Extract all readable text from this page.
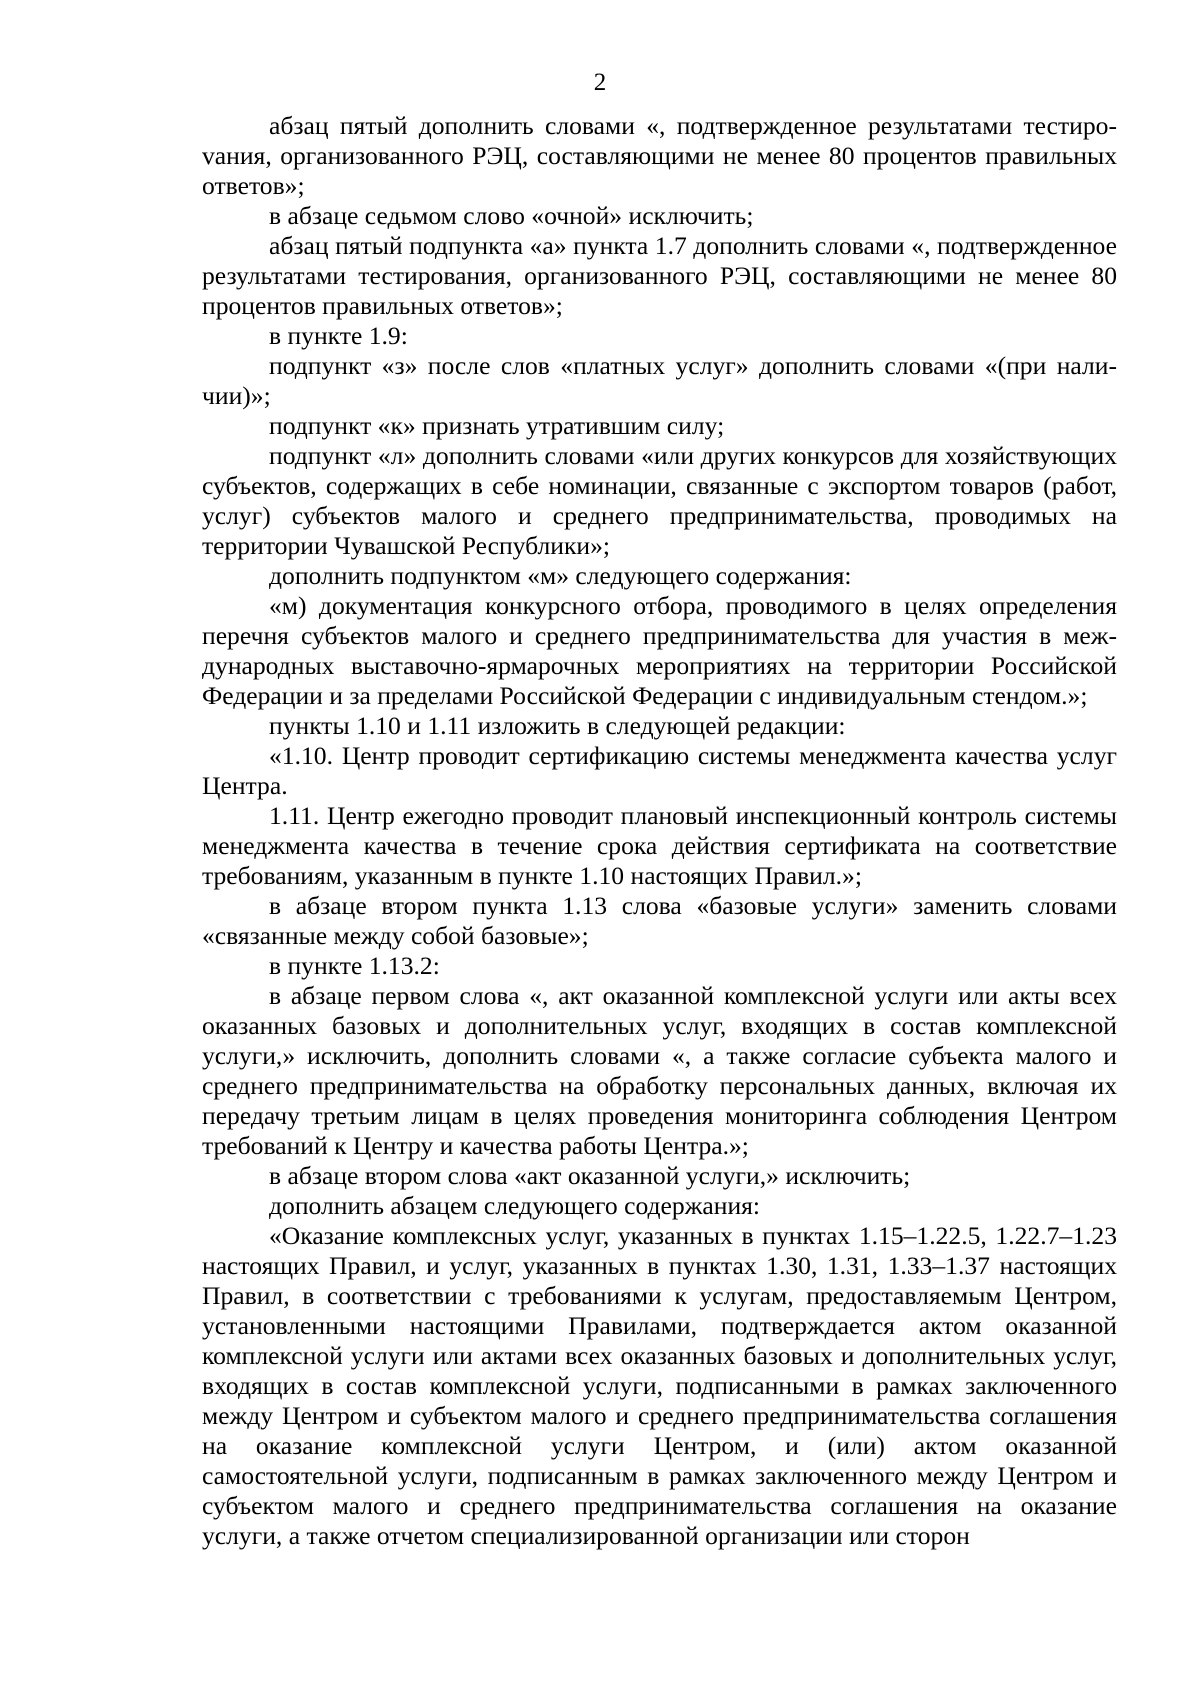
2

абзац пятый дополнить словами «, подтвержденное результатами тестироvания, организованного РЭЦ, составляющими не менее 80 процентов правильных ответов»;

в абзаце седьмом слово «очной» исключить;

абзац пятый подпункта «а» пункта 1.7 дополнить словами «, подтвержденное результатами тестирования, организованного РЭЦ, составляющими не менее 80 процентов правильных ответов»;

в пункте 1.9:

подпункт «з» после слов «платных услуг» дополнить словами «(при наличии)»;

подпункт «к» признать утратившим силу;

подпункт «л» дополнить словами «или других конкурсов для хозяйствующих субъектов, содержащих в себе номинации, связанные с экспортом товаров (работ, услуг) субъектов малого и среднего предпринимательства, проводимых на территории Чувашской Республики»;

дополнить подпунктом «м» следующего содержания:

«м) документация конкурсного отбора, проводимого в целях определения перечня субъектов малого и среднего предпринимательства для участия в международных выставочно-ярмарочных мероприятиях на территории Российской Федерации и за пределами Российской Федерации с индивидуальным стендом.»;

пункты 1.10 и 1.11 изложить в следующей редакции:

«1.10. Центр проводит сертификацию системы менеджмента качества услуг Центра.

1.11. Центр ежегодно проводит плановый инспекционный контроль системы менеджмента качества в течение срока действия сертификата на соответствие требованиям, указанным в пункте 1.10 настоящих Правил.»;

в абзаце втором пункта 1.13 слова «базовые услуги» заменить словами «связанные между собой базовые»;

в пункте 1.13.2:

в абзаце первом слова «, акт оказанной комплексной услуги или акты всех оказанных базовых и дополнительных услуг, входящих в состав комплексной услуги,» исключить, дополнить словами «, а также согласие субъекта малого и среднего предпринимательства на обработку персональных данных, включая их передачу третьим лицам в целях проведения мониторинга соблюдения Центром требований к Центру и качества работы Центра.»;

в абзаце втором слова «акт оказанной услуги,» исключить;

дополнить абзацем следующего содержания:

«Оказание комплексных услуг, указанных в пунктах 1.15–1.22.5, 1.22.7–1.23 настоящих Правил, и услуг, указанных в пунктах 1.30, 1.31, 1.33–1.37 настоящих Правил, в соответствии с требованиями к услугам, предоставляемым Центром, установленными настоящими Правилами, подтверждается актом оказанной комплексной услуги или актами всех оказанных базовых и дополнительных услуг, входящих в состав комплексной услуги, подписанными в рамках заключенного между Центром и субъектом малого и среднего предпринимательства соглашения на оказание комплексной услуги Центром, и (или) актом оказанной самостоятельной услуги, подписанным в рамках заключенного между Центром и субъектом малого и среднего предпринимательства соглашения на оказание услуги, а также отчетом специализированной организации или сторон
